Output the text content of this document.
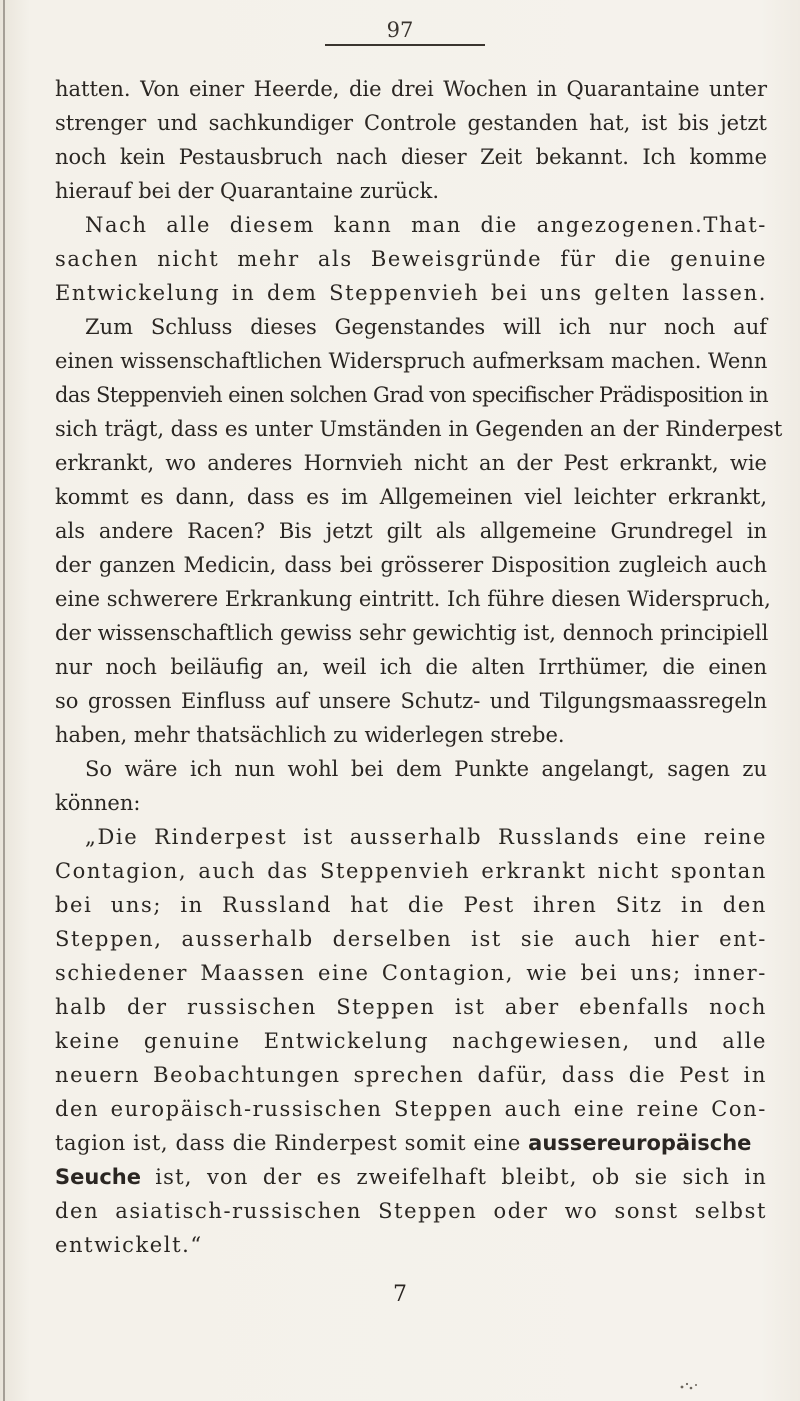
97
hatten. Von einer Heerde, die drei Wochen in Quarantaine unter
strenger und sachkundiger Controle gestanden hat, ist bis jetzt
noch kein Pestausbruch nach dieser Zeit bekannt. Ich komme
hierauf bei der Quarantaine zurück.
Nach alle diesem kann man die angezogenen.That-
sachen nicht mehr als Beweisgründe für die genuine
Entwickelung in dem Steppenvieh bei uns gelten lassen.
Zum Schluss dieses Gegenstandes will ich nur noch auf
einen wissenschaftlichen Widerspruch aufmerksam machen. Wenn
das Steppenvieh einen solchen Grad von specifischer Prädisposition in
sich trägt, dass es unter Umständen in Gegenden an der Rinderpest
erkrankt, wo anderes Hornvieh nicht an der Pest erkrankt, wie
kommt es dann, dass es im Allgemeinen viel leichter erkrankt,
als andere Racen? Bis jetzt gilt als allgemeine Grundregel in
der ganzen Medicin, dass bei grösserer Disposition zugleich auch
eine schwerere Erkrankung eintritt. Ich führe diesen Widerspruch,
der wissenschaftlich gewiss sehr gewichtig ist, dennoch principiell
nur noch beiläufig an, weil ich die alten Irrthümer, die einen
so grossen Einfluss auf unsere Schutz- und Tilgungsmaassregeln
haben, mehr thatsächlich zu widerlegen strebe.
So wäre ich nun wohl bei dem Punkte angelangt, sagen zu
können:
„Die Rinderpest ist ausserhalb Russlands eine reine
Contagion, auch das Steppenvieh erkrankt nicht spontan
bei uns; in Russland hat die Pest ihren Sitz in den
Steppen, ausserhalb derselben ist sie auch hier ent-
schiedener Maassen eine Contagion, wie bei uns; inner-
halb der russischen Steppen ist aber ebenfalls noch
keine genuine Entwickelung nachgewiesen, und alle
neuern Beobachtungen sprechen dafür, dass die Pest in
den europäisch-russischen Steppen auch eine reine Con-
tagion ist, dass die Rinderpest somit eine aussereuropäische
Seuche ist, von der es zweifelhaft bleibt, ob sie sich in
den asiatisch-russischen Steppen oder wo sonst selbst
entwickelt.“
7
